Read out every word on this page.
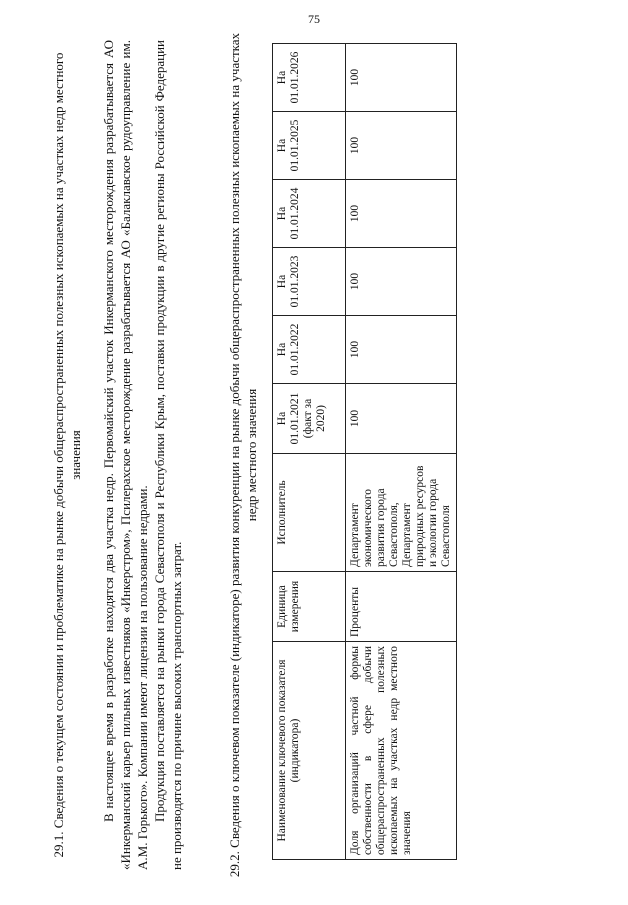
75
29.1. Сведения о текущем состоянии и проблематике на рынке добычи общераспространенных полезных ископаемых на участках недр местного значения В настоящее время в разработке находятся два участка недр. Первомайский участок Инкерманского месторождения разрабатывается АО «Инкерманский карьер пильных известняков «Инкерстром», Псилерахское месторождение разрабатывается АО «Балаклавское рудоуправление им. А.М. Горького». Компании имеют лицензии на пользование недрами. Продукция поставляется на рынки города Севастополя и Республики Крым, поставки продукции в другие регионы Российской Федерации не производятся по причине высоких транспортных затрат.	29.2. Сведения о ключевом показателе (индикаторе) развития конкуренции на рынке добычи общераспространенных полезных ископаемых на участках недр местного значения
Наименование ключевого показателя (индикатора)	Единица измерения	Исполнитель	На 01.01.2021 (факт за 2020)	На 01.01.2022	На 01.01.2023	На 01.01.2024	На 01.01.2025	На 01.01.2026
Доля организаций частной формы собственности в сфере добычи общераспространенных полезных ископаемых на участках недр местного значения	Проценты	Департамент экономического развития города Севастополя, Департамент природных ресурсов и экологии города Севастополя	100	100	100	100	100	100
